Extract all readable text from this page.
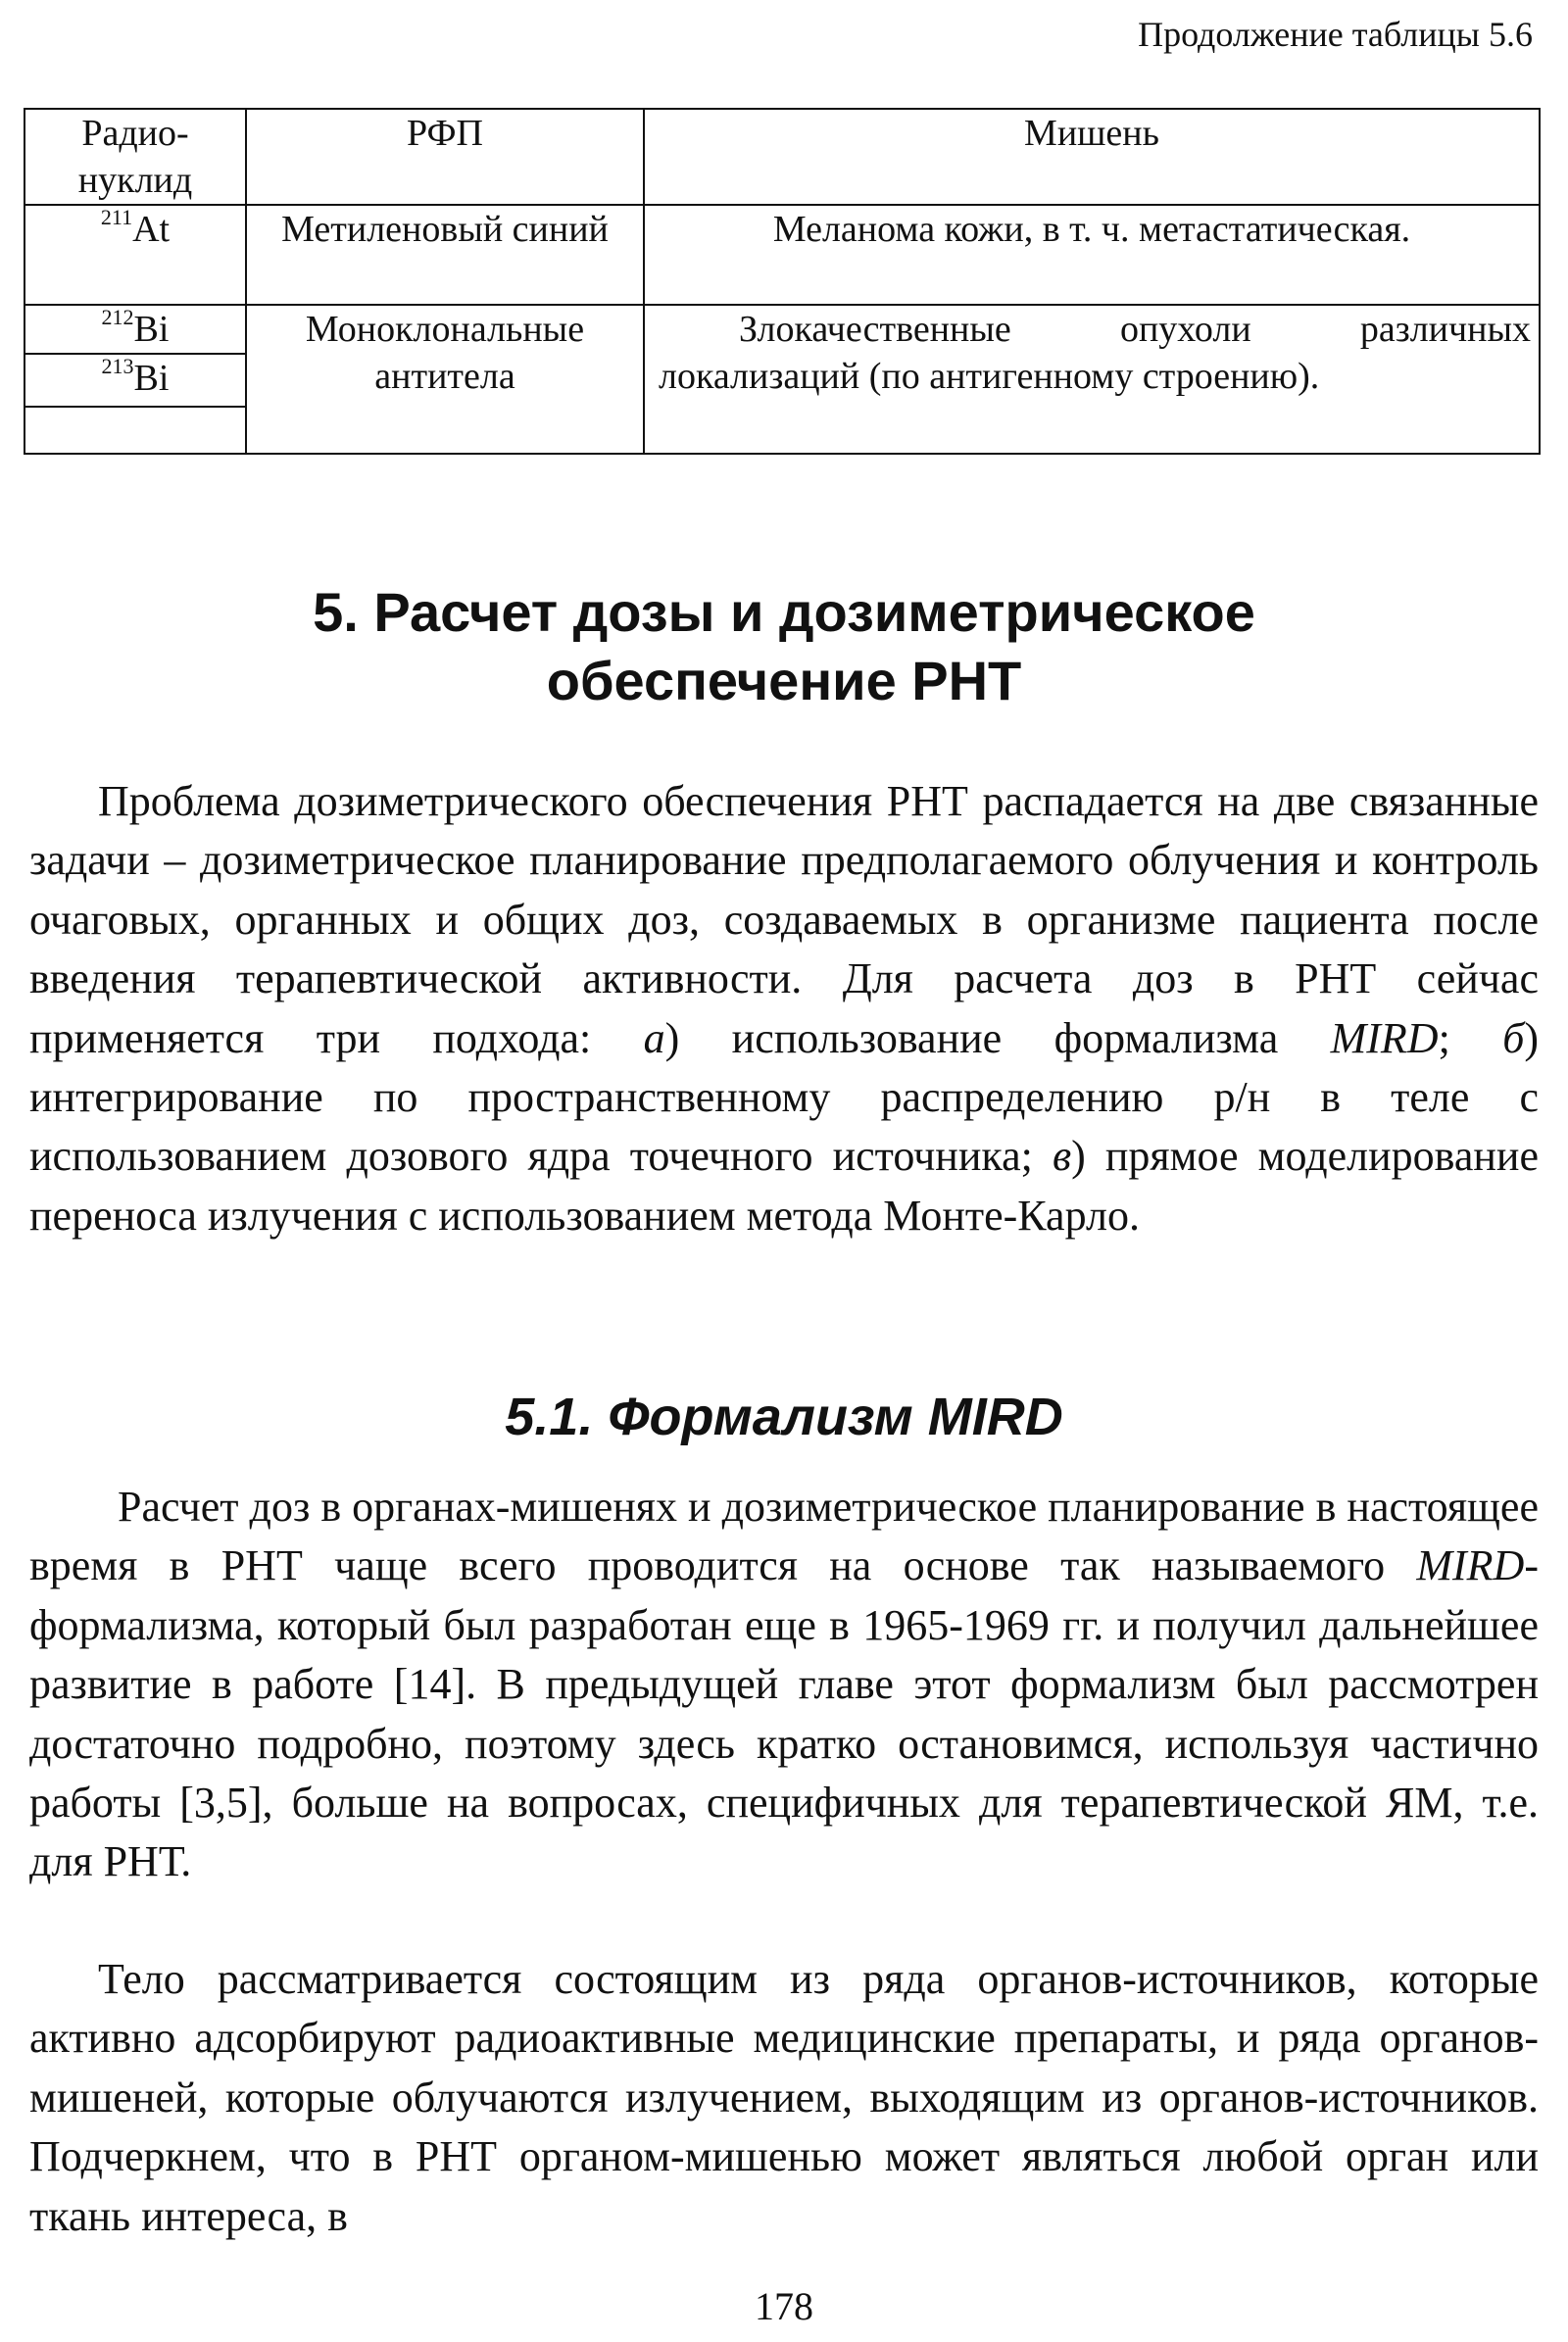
Продолжение таблицы 5.6
Радио-нуклид	РФП	Мишень
$^{211}$At	Метиленовый синий	Меланома кожи, в т. ч. метастатическая.
$^{212}$Bi	Моноклональные антитела	Злокачественные опухоли различных локализаций (по антигенному строению).
$^{213}$Bi		

5. Расчет дозы и дозиметрическое
обеспечение РНТ
Проблема дозиметрического обеспечения РНТ распадается на две связанные задачи – дозиметрическое планирование предполагаемого облучения и контроль очаговых, органных и общих доз, создаваемых в организме пациента после введения терапевтической активности. Для расчета доз в РНТ сейчас применяется три подхода: а) использование формализма MIRD; б) интегрирование по пространственному распределению р/н в теле с использованием дозового ядра точечного источника; в) прямое моделирование переноса излучения с использованием метода Монте-Карло.
5.1. Формализм MIRD
Расчет доз в органах-мишенях и дозиметрическое планирование в настоящее время в РНТ чаще всего проводится на основе так называемого MIRD-формализма, который был разработан еще в 1965-1969 гг. и получил дальнейшее развитие в работе [14]. В предыдущей главе этот формализм был рассмотрен достаточно подробно, поэтому здесь кратко остановимся, используя частично работы [3,5], больше на вопросах, специфичных для терапевтической ЯМ, т.е. для РНТ.
Тело рассматривается состоящим из ряда органов-источников, которые активно адсорбируют радиоактивные медицинские препараты, и ряда органов-мишеней, которые облучаются излучением, выходящим из органов-источников. Подчеркнем, что в РНТ органом-мишенью может являться любой орган или ткань интереса, в
178
